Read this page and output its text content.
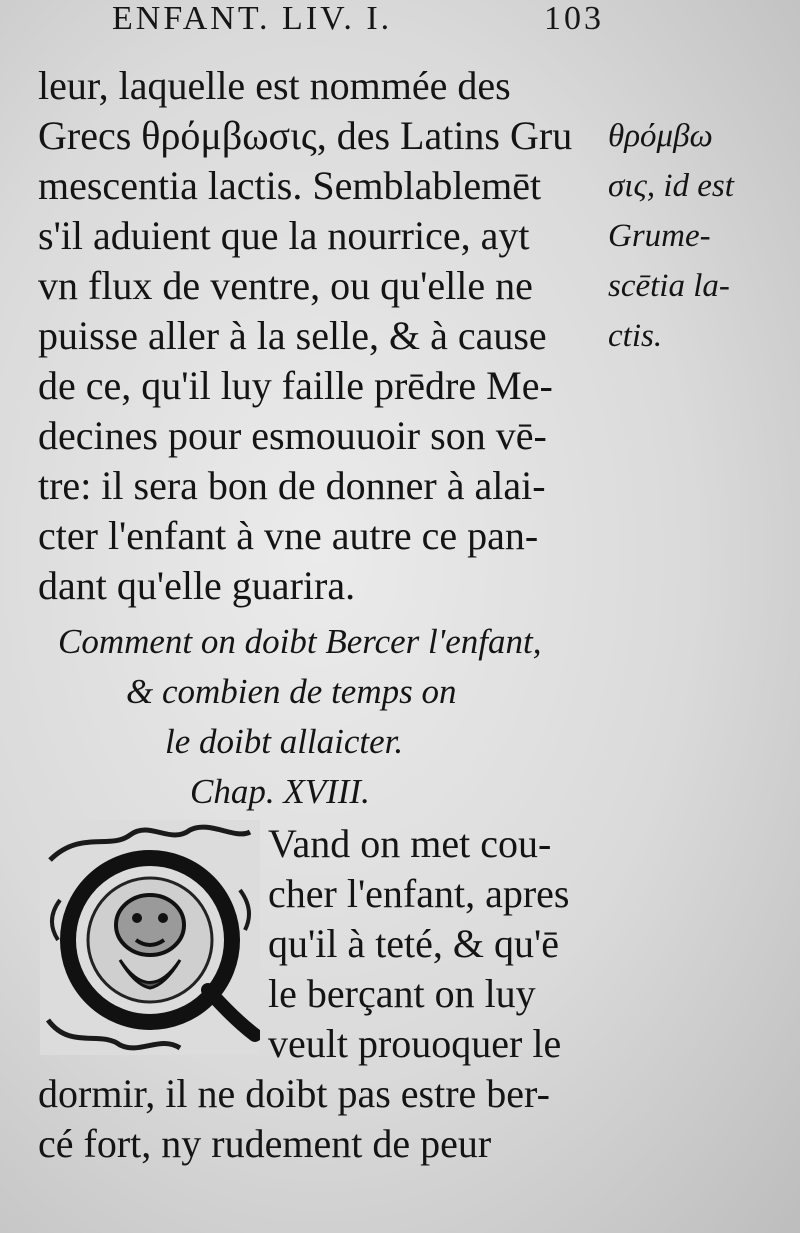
ENFANT. LIV. I.	103
leur, laquelle est nommée des
Grecs θρόμβωσις, des Latins Gru
mescentia lactis. Semblablemēt
s'il aduient que la nourrice, ayt
vn flux de ventre, ou qu'elle ne
puisse aller à la selle, & à cause
de ce, qu'il luy faille prēdre Me-
decines pour esmouuoir son vē-
tre: il sera bon de donner à alai-
cter l'enfant à vne autre ce pan-
dant qu'elle guarira.
θρόμβω
σις, id est
Grume-
scētia la-
ctis.
Comment on doibt Bercer l'enfant,
& combien de temps on
le doibt allaicter.
Chap. XVIII.
Vand on met cou-
cher l'enfant, apres
qu'il à teté, & qu'ē
le berçant on luy
veult prouoquer le
dormir, il ne doibt pas estre ber-
cé fort, ny rudement de peur
